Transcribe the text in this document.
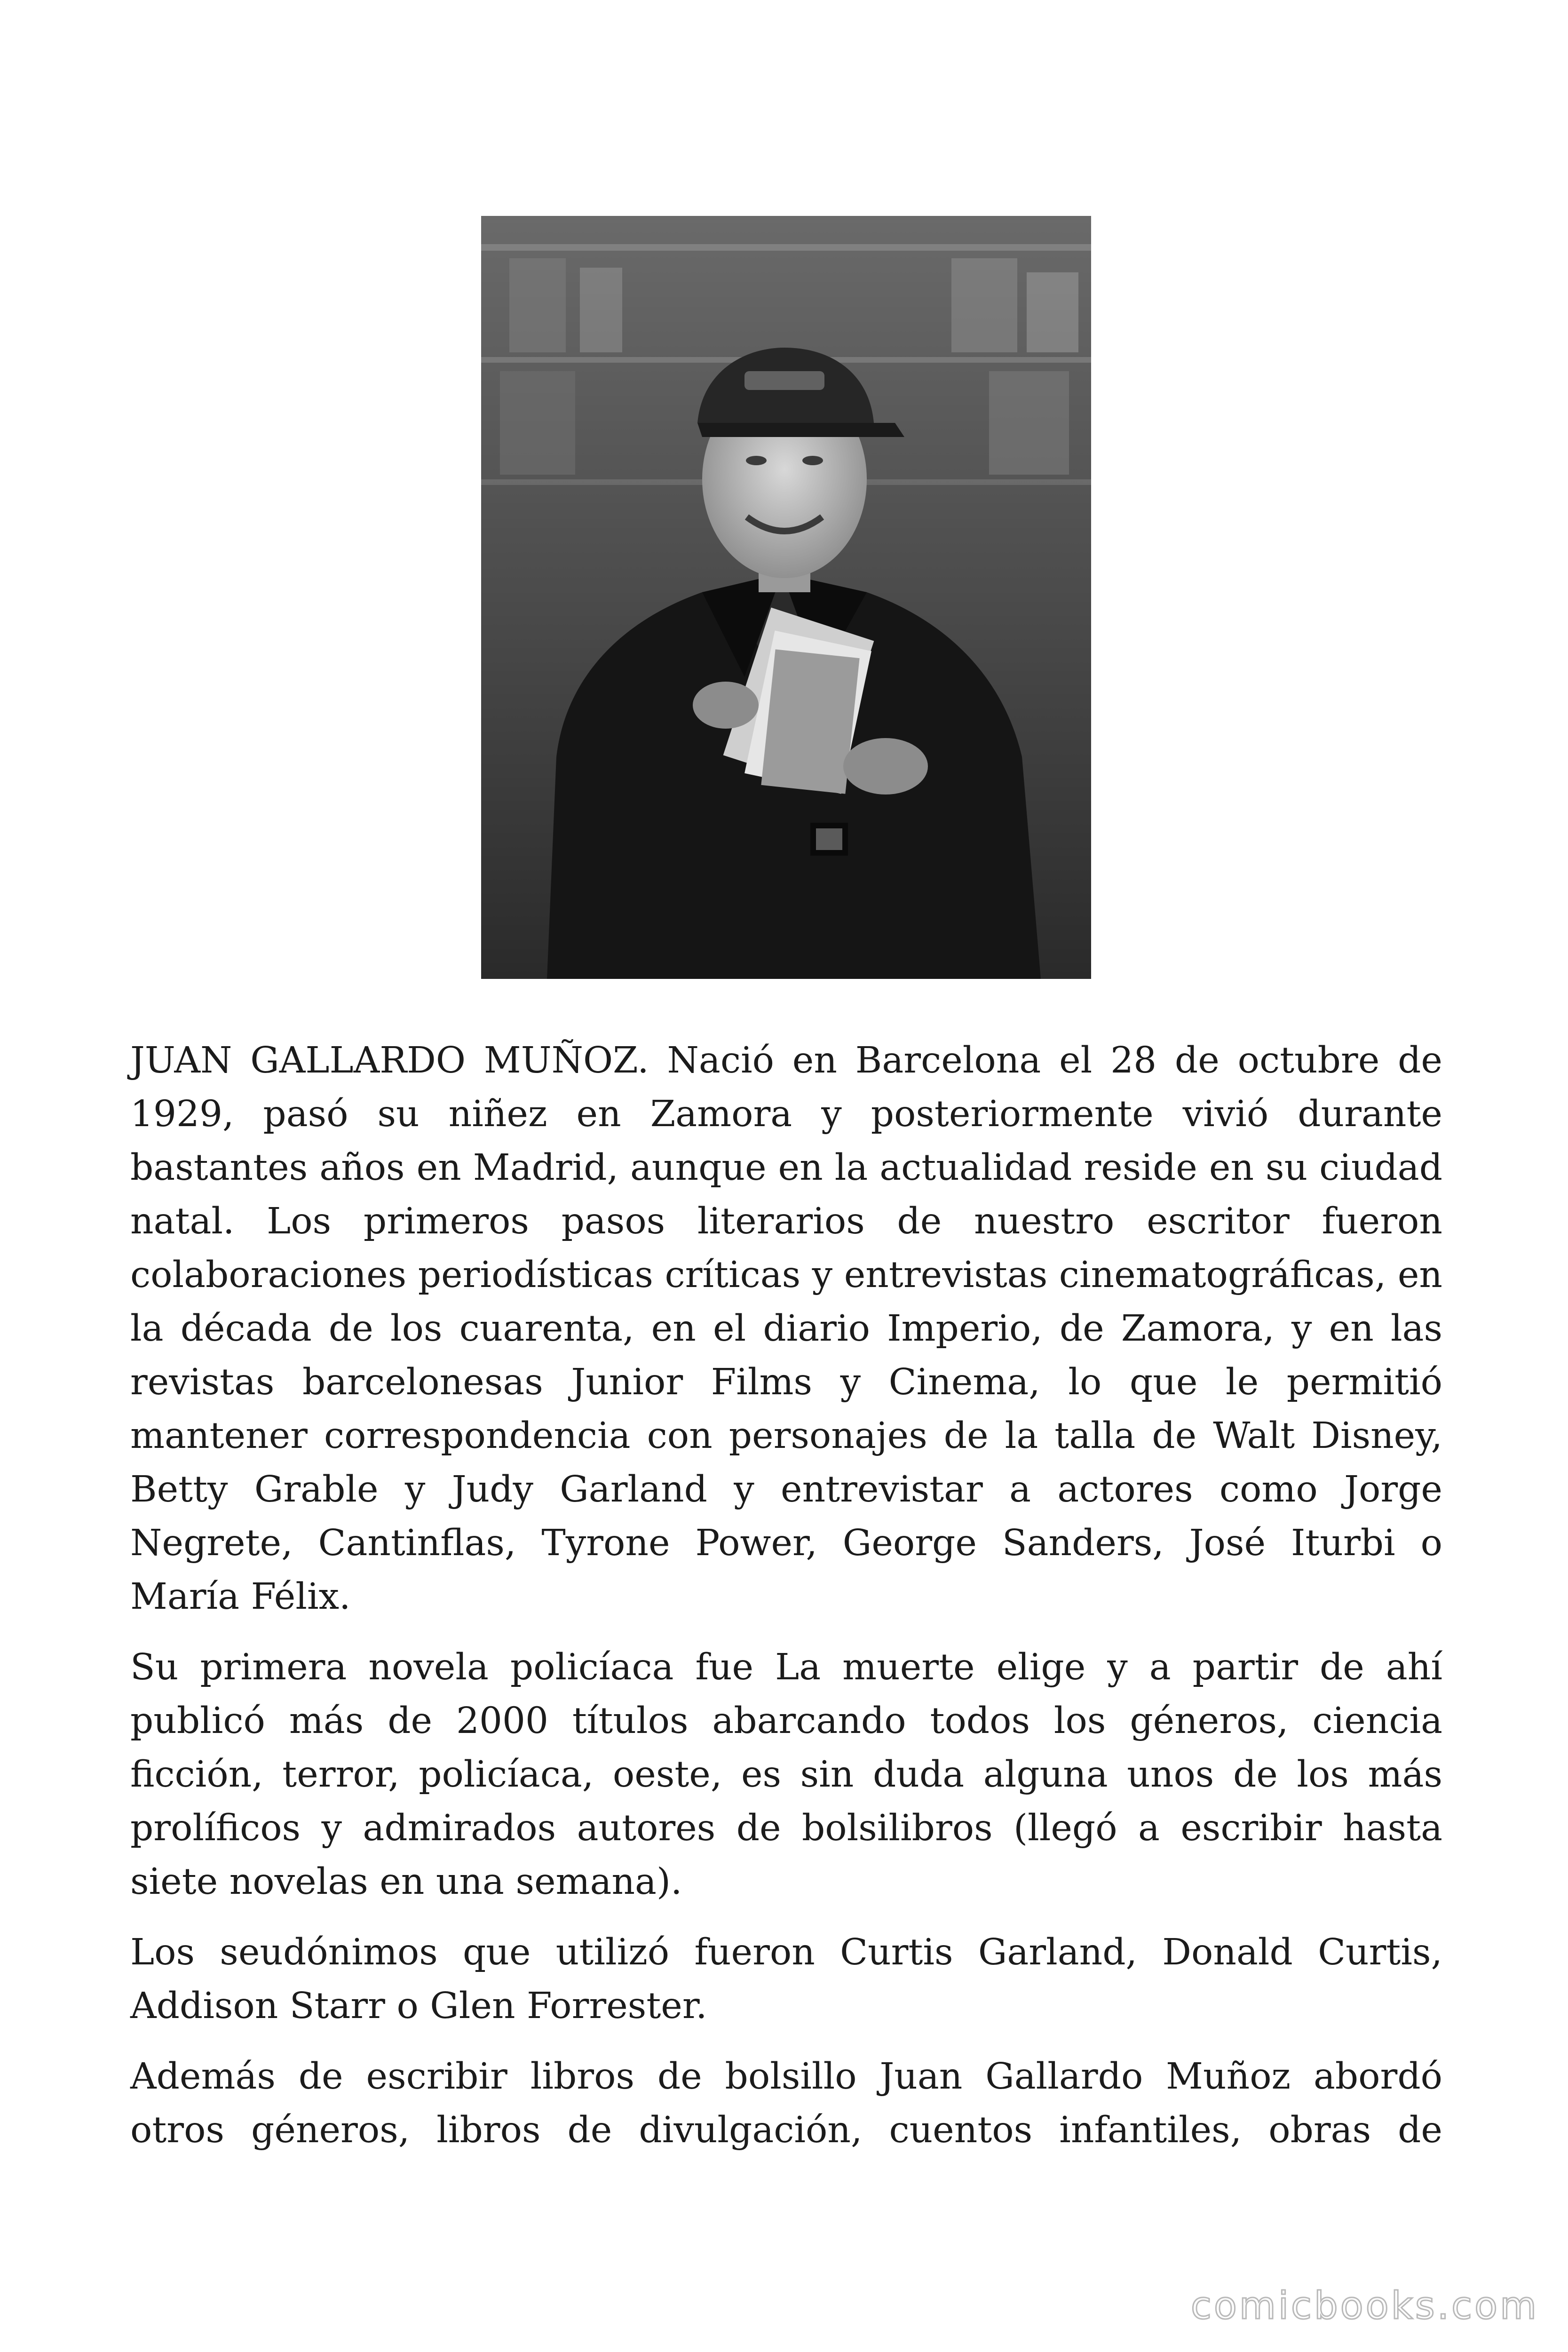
JUAN GALLARDO MUÑOZ. Nació en Barcelona el 28 de octubre de 1929, pasó su niñez en Zamora y posteriormente vivió durante bastantes años en Madrid, aunque en la actualidad reside en su ciudad natal. Los primeros pasos literarios de nuestro escritor fueron colaboraciones periodísticas críticas y entrevistas cinematográficas, en la década de los cuarenta, en el diario Imperio, de Zamora, y en las revistas barcelonesas Junior Films y Cinema, lo que le permitió mantener correspondencia con personajes de la talla de Walt Disney, Betty Grable y Judy Garland y entrevistar a actores como Jorge Negrete, Cantinflas, Tyrone Power, George Sanders, José Iturbi o María Félix.

Su primera novela policíaca fue La muerte elige y a partir de ahí publicó más de 2000 títulos abarcando todos los géneros, ciencia ficción, terror, policíaca, oeste, es sin duda alguna unos de los más prolíficos y admirados autores de bolsilibros (llegó a escribir hasta siete novelas en una semana).

Los seudónimos que utilizó fueron Curtis Garland, Donald Curtis, Addison Starr o Glen Forrester.

Además de escribir libros de bolsillo Juan Gallardo Muñoz abordó otros géneros, libros de divulgación, cuentos infantiles, obras de

comicbooks.com
